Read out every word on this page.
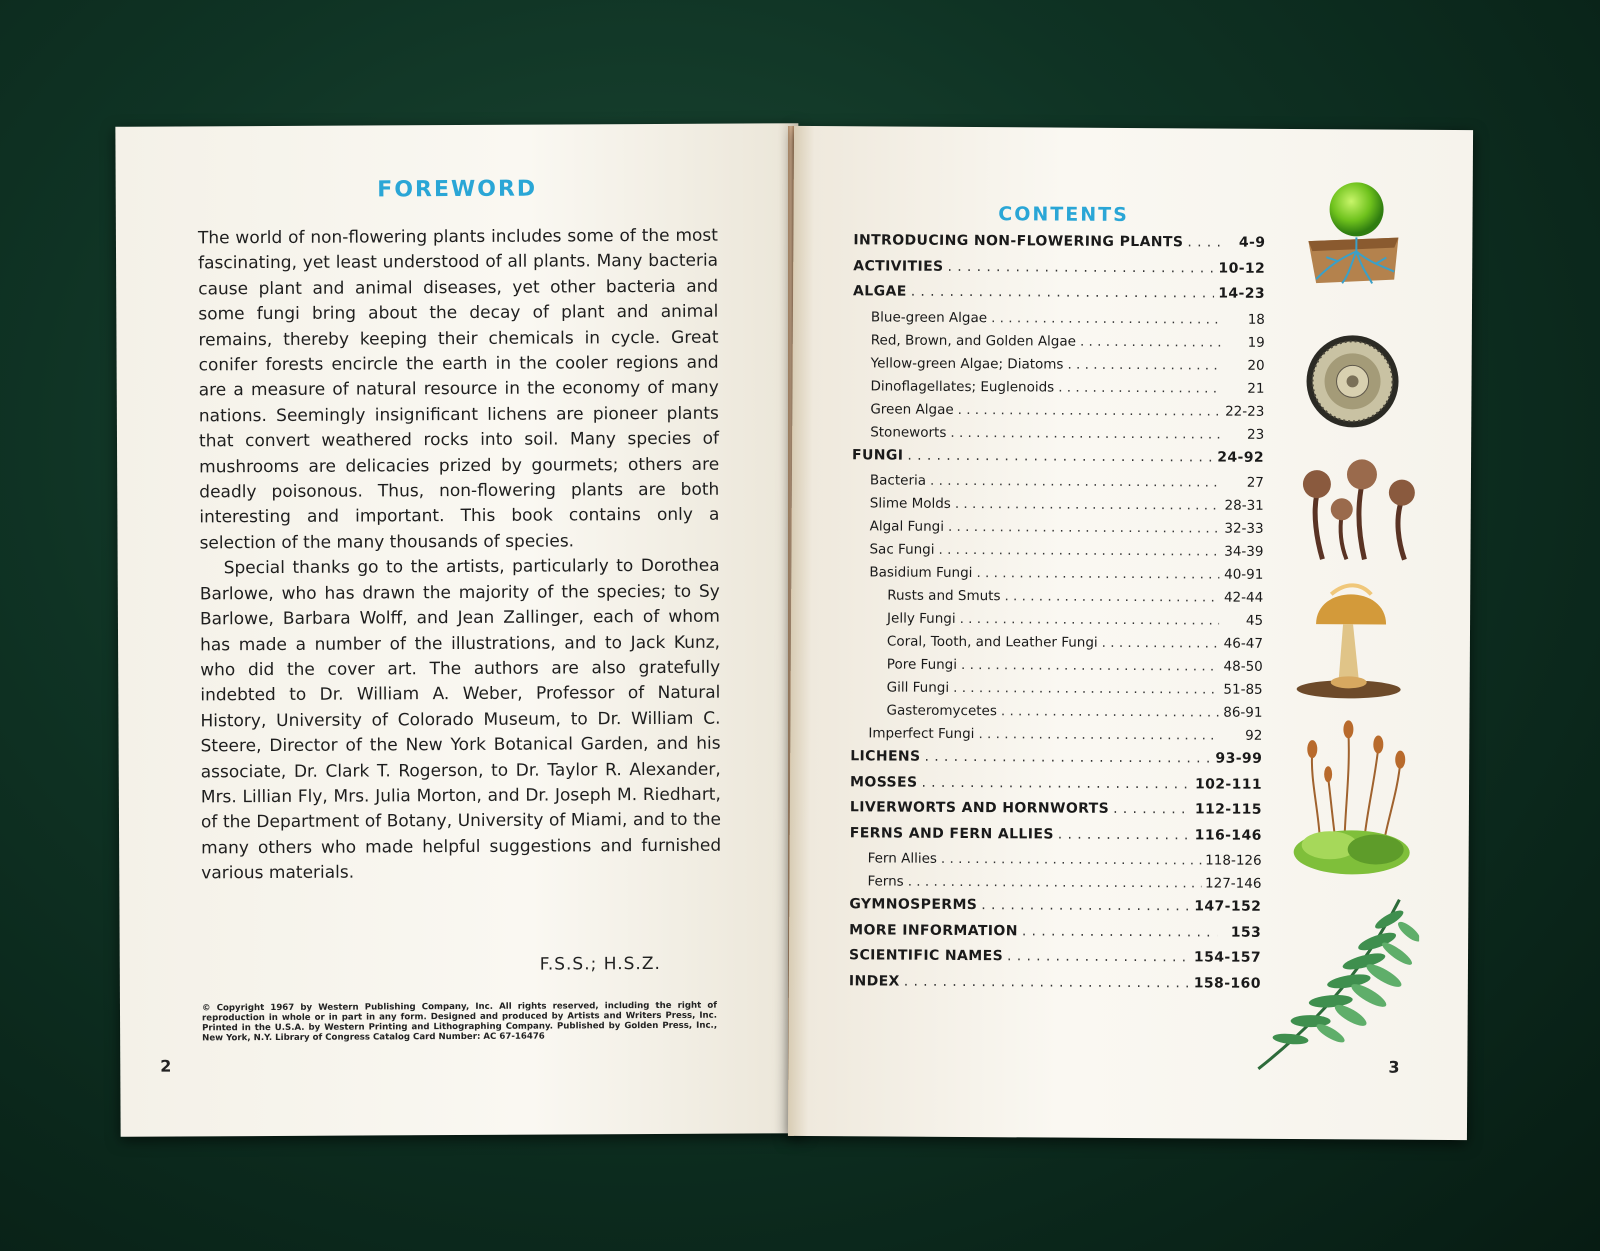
FOREWORD

The world of non-flowering plants includes some of the most fascinating, yet least understood of all plants. Many bacteria cause plant and animal diseases, yet other bacteria and some fungi bring about the decay of plant and animal remains, thereby keeping their chemicals in cycle. Great conifer forests encircle the earth in the cooler regions and are a measure of natural resource in the economy of many nations. Seemingly insignificant lichens are pioneer plants that convert weathered rocks into soil. Many species of mushrooms are delicacies prized by gourmets; others are deadly poisonous. Thus, non-flowering plants are both interesting and important. This book contains only a selection of the many thousands of species.

Special thanks go to the artists, particularly to Dorothea Barlowe, who has drawn the majority of the species; to Sy Barlowe, Barbara Wolff, and Jean Zallinger, each of whom has made a number of the illustrations, and to Jack Kunz, who did the cover art. The authors are also gratefully indebted to Dr. William A. Weber, Professor of Natural History, University of Colorado Museum, to Dr. William C. Steere, Director of the New York Botanical Garden, and his associate, Dr. Clark T. Rogerson, to Dr. Taylor R. Alexander, Mrs. Lillian Fly, Mrs. Julia Morton, and Dr. Joseph M. Riedhart, of the Department of Botany, University of Miami, and to the many others who made helpful suggestions and furnished various materials.

F.S.S.; H.S.Z.
© Copyright 1967 by Western Publishing Company, Inc. All rights reserved, including the right of reproduction in whole or in part in any form. Designed and produced by Artists and Writers Press, Inc. Printed in the U.S.A. by Western Printing and Lithographing Company. Published by Golden Press, Inc., New York, N.Y. Library of Congress Catalog Card Number: AC 67-16476
2
CONTENTS
INTRODUCING NON-FLOWERING PLANTS . . .	4-9
ACTIVITIES . . .	10-12
ALGAE . . .	14-23
Blue-green Algae . . .	18
Red, Brown, and Golden Algae . . .	19
Yellow-green Algae; Diatoms . . .	20
Dinoflagellates; Euglenoids . . .	21
Green Algae . . .	22-23
Stoneworts . . .	23
FUNGI . . .	24-92
Bacteria . . .	27
Slime Molds . . .	28-31
Algal Fungi . . .	32-33
Sac Fungi . . .	34-39
Basidium Fungi . . .	40-91
Rusts and Smuts . . .	42-44
Jelly Fungi . . .	45
Coral, Tooth, and Leather Fungi . . .	46-47
Pore Fungi . . .	48-50
Gill Fungi . . .	51-85
Gasteromycetes . . .	86-91
Imperfect Fungi . . .	92
LICHENS . . .	93-99
MOSSES . . .	102-111
LIVERWORTS AND HORNWORTS . . .	112-115
FERNS AND FERN ALLIES . . .	116-146
Fern Allies . . .	118-126
Ferns . . .	127-146
GYMNOSPERMS . . .	147-152
MORE INFORMATION . . .	153
SCIENTIFIC NAMES . . .	154-157
INDEX . . .	158-160
3
